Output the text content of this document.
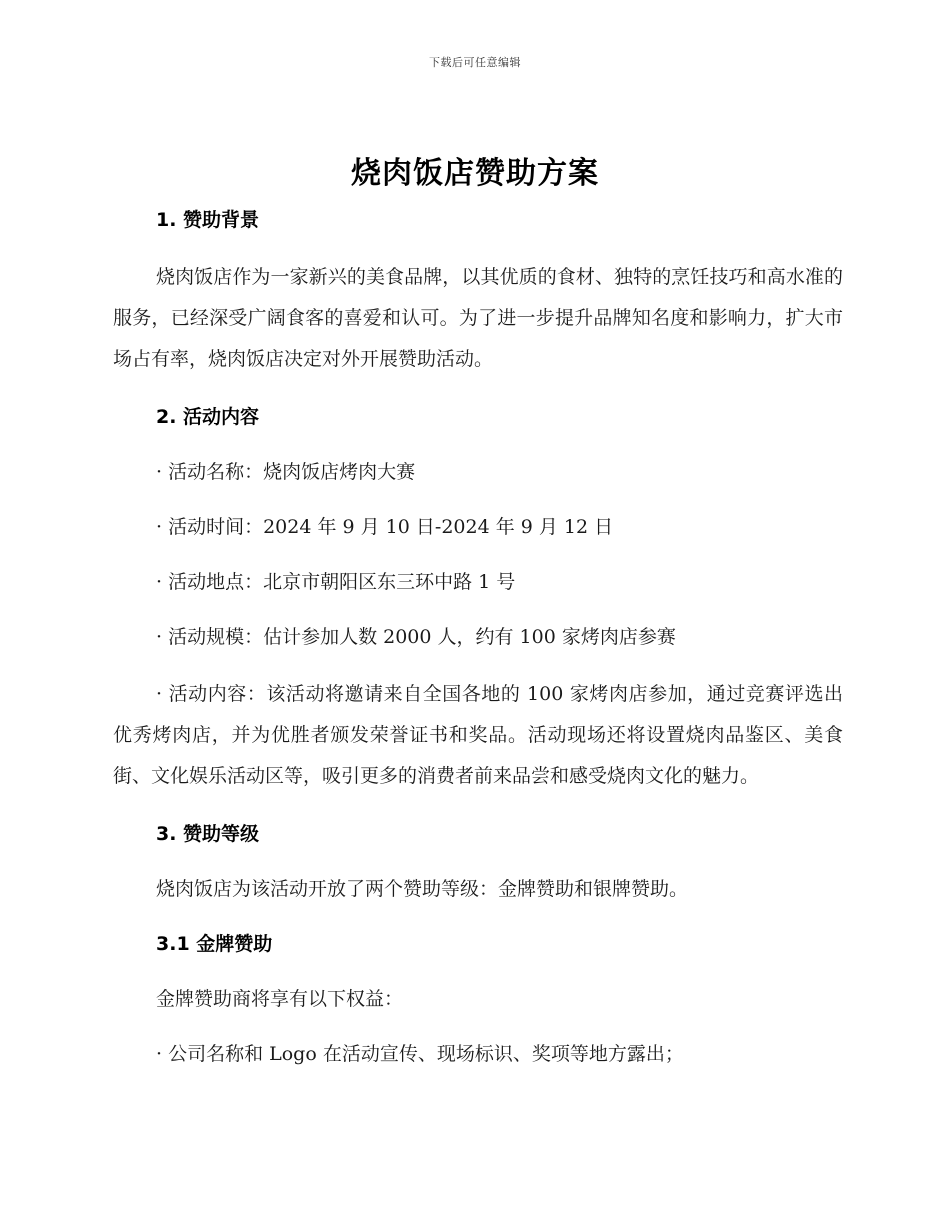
下载后可任意编辑
烧肉饭店赞助方案

1. 赞助背景

烧肉饭店作为一家新兴的美食品牌，以其优质的食材、独特的烹饪技巧和高水准的服务，已经深受广阔食客的喜爱和认可。为了进一步提升品牌知名度和影响力，扩大市场占有率，烧肉饭店决定对外开展赞助活动。

2. 活动内容

· 活动名称：烧肉饭店烤肉大赛

· 活动时间：2024 年 9 月 10 日-2024 年 9 月 12 日

· 活动地点：北京市朝阳区东三环中路 1 号

· 活动规模：估计参加人数 2000 人，约有 100 家烤肉店参赛

· 活动内容：该活动将邀请来自全国各地的 100 家烤肉店参加，通过竞赛评选出优秀烤肉店，并为优胜者颁发荣誉证书和奖品。活动现场还将设置烧肉品鉴区、美食街、文化娱乐活动区等，吸引更多的消费者前来品尝和感受烧肉文化的魅力。

3. 赞助等级

烧肉饭店为该活动开放了两个赞助等级：金牌赞助和银牌赞助。

3.1 金牌赞助

金牌赞助商将享有以下权益：

· 公司名称和 Logo 在活动宣传、现场标识、奖项等地方露出；
